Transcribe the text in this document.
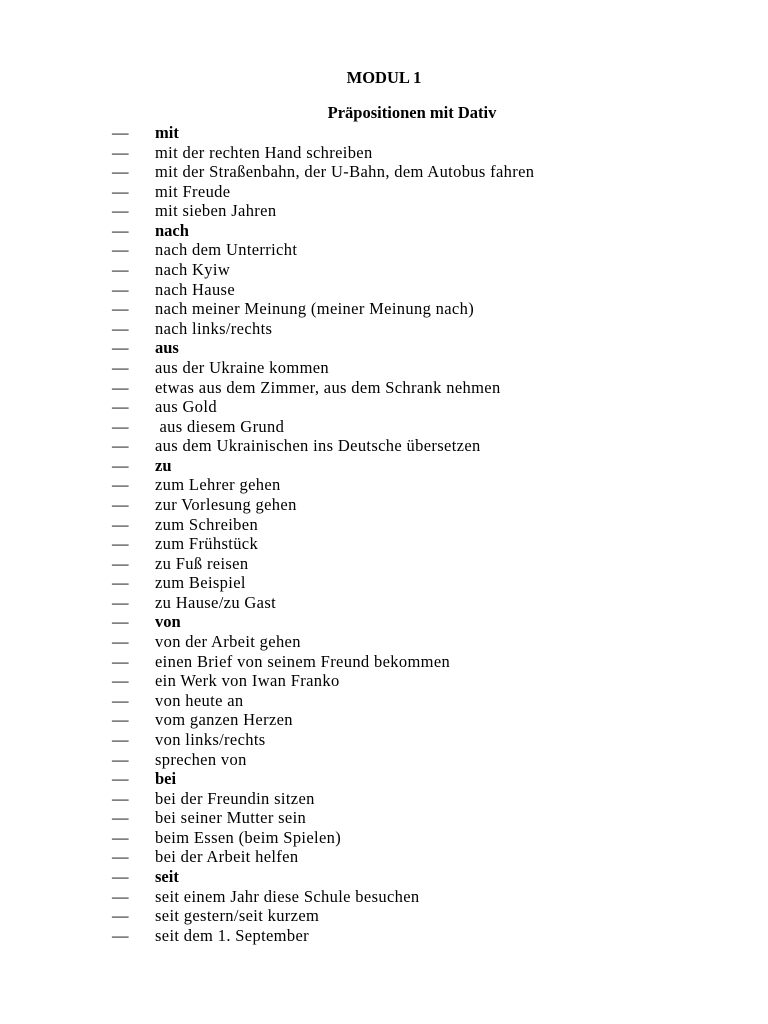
MODUL 1
Präpositionen mit Dativ
—	mit
—	mit der rechten Hand schreiben
—	mit der Straßenbahn, der U-Bahn, dem Autobus fahren
—	mit Freude
—	mit sieben Jahren
—	nach
—	nach dem Unterricht
—	nach Kyiw
—	nach Hause
—	nach meiner Meinung (meiner Meinung nach)
—	nach links/rechts
—	aus
—	aus der Ukraine kommen
—	etwas aus dem Zimmer, aus dem Schrank nehmen
—	aus Gold
—	aus diesem Grund
—	aus dem Ukrainischen ins Deutsche übersetzen
—	zu
—	zum Lehrer gehen
—	zur Vorlesung gehen
—	zum Schreiben
—	zum Frühstück
—	zu Fuß reisen
—	zum Beispiel
—	zu Hause/zu Gast
—	von
—	von der Arbeit gehen
—	einen Brief von seinem Freund bekommen
—	ein Werk von Iwan Franko
—	von heute an
—	vom ganzen Herzen
—	von links/rechts
—	sprechen von
—	bei
—	bei der Freundin sitzen
—	bei seiner Mutter sein
—	beim Essen (beim Spielen)
—	bei der Arbeit helfen
—	seit
—	seit einem Jahr diese Schule besuchen
—	seit gestern/seit kurzem
—	seit dem 1. September
